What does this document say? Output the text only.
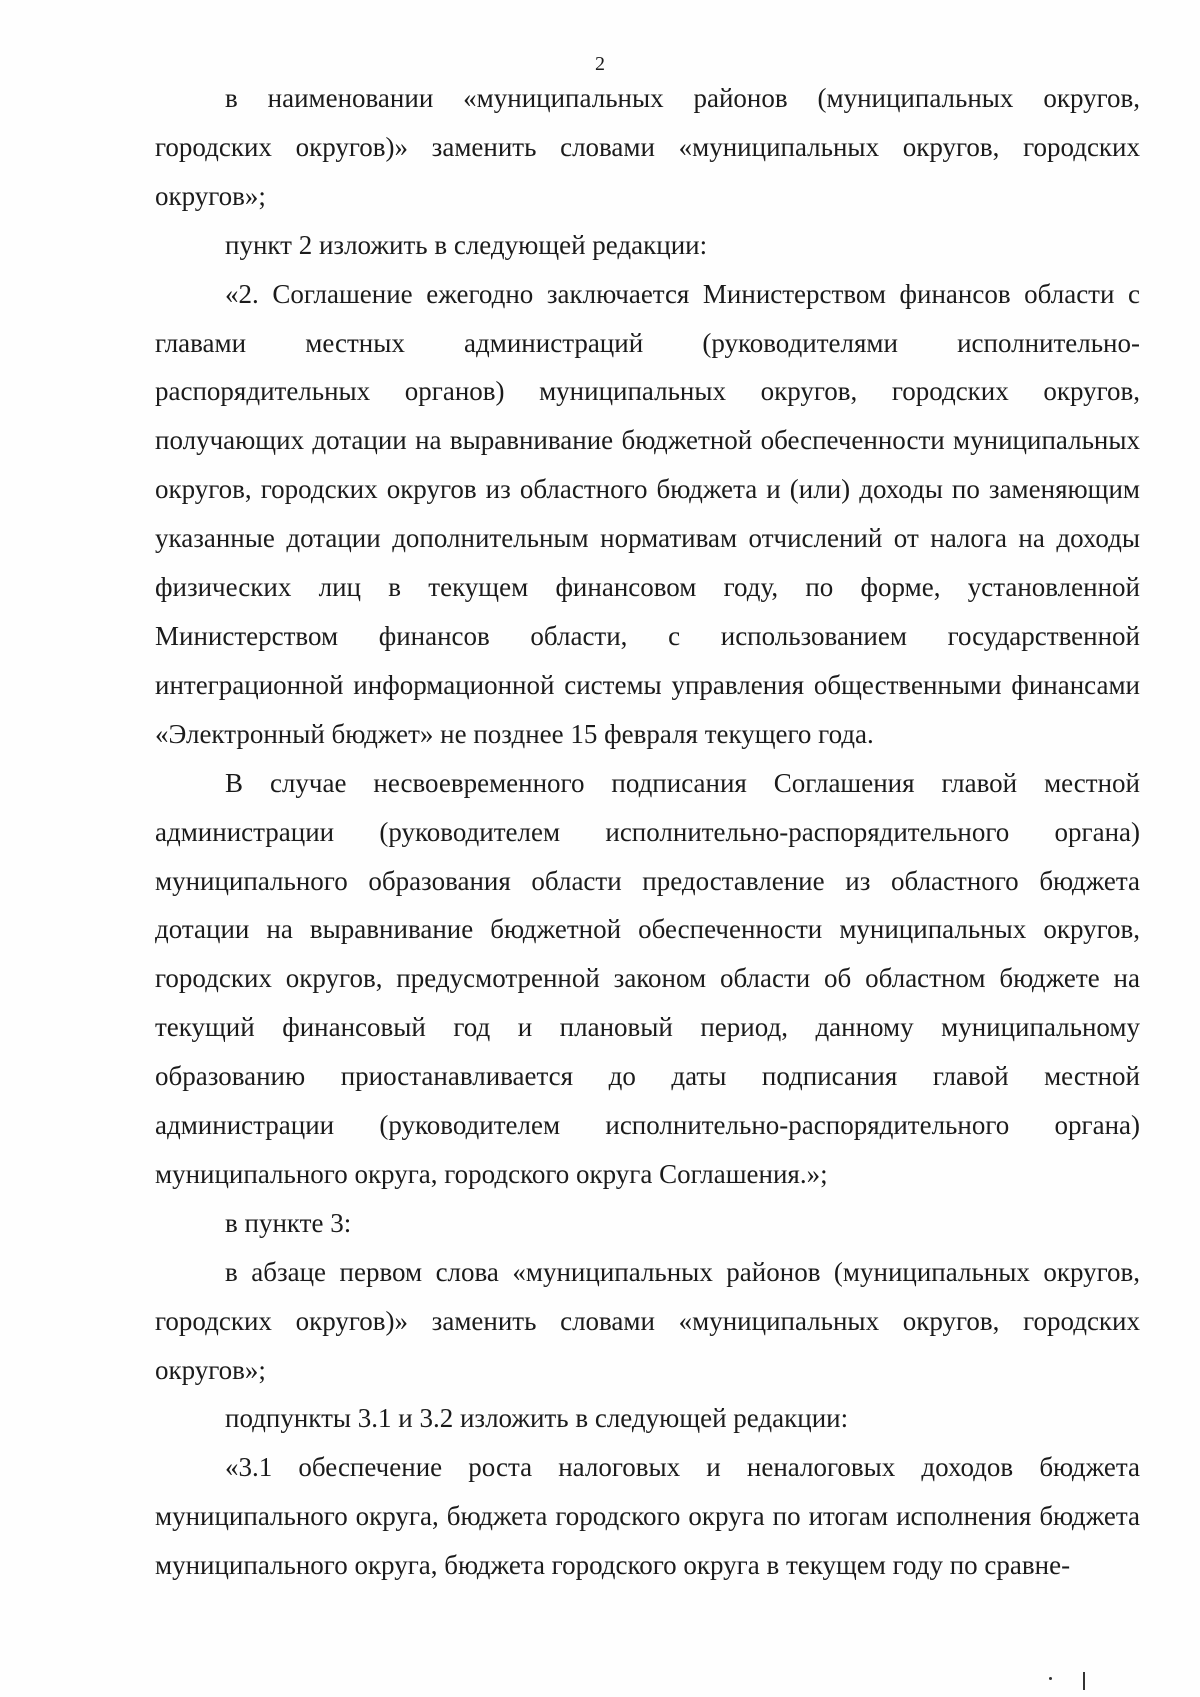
2

в наименовании «муниципальных районов (муниципальных округов, городских округов)» заменить словами «муниципальных округов, городских округов»;

пункт 2 изложить в следующей редакции:

«2. Соглашение ежегодно заключается Министерством финансов области с главами местных администраций (руководителями исполнительно-распорядительных органов) муниципальных округов, городских округов, получающих дотации на выравнивание бюджетной обеспеченности муниципальных округов, городских округов из областного бюджета и (или) доходы по заменяющим указанные дотации дополнительным нормативам отчислений от налога на доходы физических лиц в текущем финансовом году, по форме, установленной Министерством финансов области, с использованием государственной интеграционной информационной системы управления общественными финансами «Электронный бюджет» не позднее 15 февраля текущего года.

В случае несвоевременного подписания Соглашения главой местной администрации (руководителем исполнительно-распорядительного органа) муниципального образования области предоставление из областного бюджета дотации на выравнивание бюджетной обеспеченности муниципальных округов, городских округов, предусмотренной законом области об областном бюджете на текущий финансовый год и плановый период, данному муниципальному образованию приостанавливается до даты подписания главой местной администрации (руководителем исполнительно-распорядительного органа) муниципального округа, городского округа Соглашения.»;

в пункте 3:

в абзаце первом слова «муниципальных районов (муниципальных округов, городских округов)» заменить словами «муниципальных округов, городских округов»;

подпункты 3.1 и 3.2 изложить в следующей редакции:

«3.1 обеспечение роста налоговых и неналоговых доходов бюджета муниципального округа, бюджета городского округа по итогам исполнения бюджета муниципального округа, бюджета городского округа в текущем году по сравне-
